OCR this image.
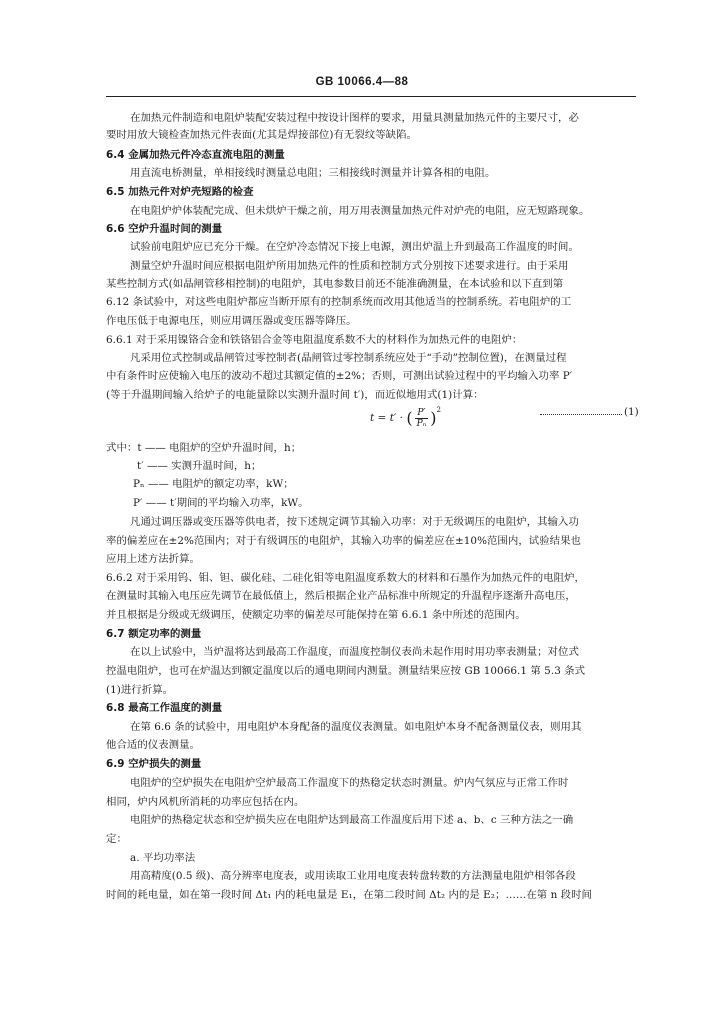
GB 10066.4—88
在加热元件制造和电阻炉装配安装过程中按设计图样的要求，用量具测量加热元件的主要尺寸，必
要时用放大镜检查加热元件表面(尤其是焊接部位)有无裂纹等缺陷。
6.4 金属加热元件冷态直流电阻的测量
用直流电桥测量，单相接线时测量总电阻；三相接线时测量并计算各相的电阻。
6.5 加热元件对炉壳短路的检查
在电阻炉炉体装配完成、但未烘炉干燥之前，用万用表测量加热元件对炉壳的电阻，应无短路现象。
6.6 空炉升温时间的测量
试验前电阻炉应已充分干燥。在空炉冷态情况下接上电源，测出炉温上升到最高工作温度的时间。
测量空炉升温时间应根据电阻炉所用加热元件的性质和控制方式分别按下述要求进行。由于采用
某些控制方式(如晶闸管移相控制)的电阻炉，其电参数目前还不能准确测量，在本试验和以下直到第
6.12 条试验中，对这些电阻炉都应当断开原有的控制系统而改用其他适当的控制系统。若电阻炉的工
作电压低于电源电压，则应用调压器或变压器等降压。
6.6.1 对于采用镍铬合金和铁铬铝合金等电阻温度系数不大的材料作为加热元件的电阻炉：
凡采用位式控制或晶闸管过零控制者(晶闸管过零控制系统应处于“手动”控制位置)，在测量过程
中有条件时应使输入电压的波动不超过其额定值的±2%；否则，可测出试验过程中的平均输入功率 P′
(等于升温期间输入给炉子的电能量除以实测升温时间 t′)，而近似地用式(1)计算：
t = t′ · ( $\frac{P'}{\text{Pₙ}} )^2$	(1)
式中：t —— 电阻炉的空炉升温时间，h；
t′ —— 实测升温时间，h；
Pₙ —— 电阻炉的额定功率，kW；
P′ —— t′期间的平均输入功率，kW。
凡通过调压器或变压器等供电者，按下述规定调节其输入功率：对于无级调压的电阻炉，其输入功
率的偏差应在±2%范围内；对于有级调压的电阻炉，其输入功率的偏差应在±10%范围内，试验结果也
应用上述方法折算。
6.6.2 对于采用钨、钼、钽、碳化硅、二硅化钼等电阻温度系数大的材料和石墨作为加热元件的电阻炉，
在测量时其输入电压应先调节在最低值上，然后根据企业产品标准中所规定的升温程序逐渐升高电压，
并且根据是分级或无级调压，使额定功率的偏差尽可能保持在第 6.6.1 条中所述的范围内。
6.7 额定功率的测量
在以上试验中，当炉温将达到最高工作温度，而温度控制仪表尚未起作用时用功率表测量；对位式
控温电阻炉，也可在炉温达到额定温度以后的通电期间内测量。测量结果应按 GB 10066.1 第 5.3 条式
(1)进行折算。
6.8 最高工作温度的测量
在第 6.6 条的试验中，用电阻炉本身配备的温度仪表测量。如电阻炉本身不配备测量仪表，则用其
他合适的仪表测量。
6.9 空炉损失的测量
电阻炉的空炉损失在电阻炉空炉最高工作温度下的热稳定状态时测量。炉内气氛应与正常工作时
相同，炉内风机所消耗的功率应包括在内。
电阻炉的热稳定状态和空炉损失应在电阻炉达到最高工作温度后用下述 a、b、c 三种方法之一确
定：
a. 平均功率法
用高精度(0.5 级)、高分辨率电度表，或用读取工业用电度表转盘转数的方法测量电阻炉相邻各段
时间的耗电量，如在第一段时间 Δt₁ 内的耗电量是 E₁，在第二段时间 Δt₂ 内的是 E₂；……在第 n 段时间
